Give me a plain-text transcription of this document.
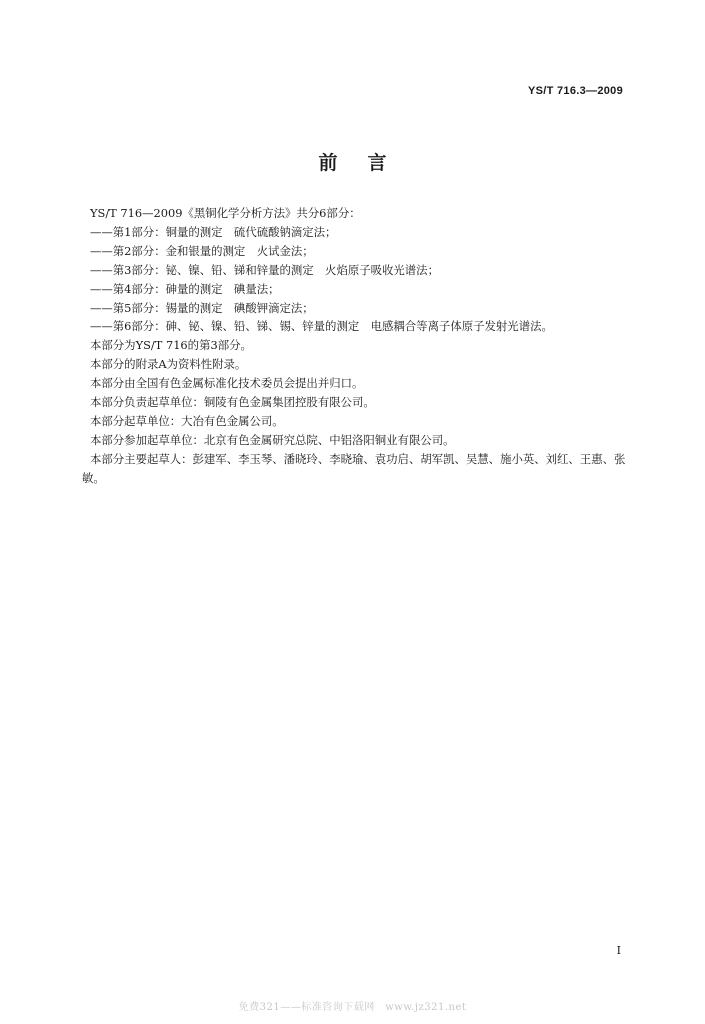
YS/T 716.3—2009
前言

YS/T 716—2009《黑铜化学分析方法》共分6部分：

——第1部分：铜量的测定　硫代硫酸钠滴定法；

——第2部分：金和银量的测定　火试金法；

——第3部分：铋、镍、铅、锑和锌量的测定　火焰原子吸收光谱法；

——第4部分：砷量的测定　碘量法；

——第5部分：锡量的测定　碘酸钾滴定法；

——第6部分：砷、铋、镍、铅、锑、锡、锌量的测定　电感耦合等离子体原子发射光谱法。

本部分为YS/T 716的第3部分。

本部分的附录A为资料性附录。

本部分由全国有色金属标准化技术委员会提出并归口。

本部分负责起草单位：铜陵有色金属集团控股有限公司。

本部分起草单位：大冶有色金属公司。

本部分参加起草单位：北京有色金属研究总院、中铝洛阳铜业有限公司。

本部分主要起草人：彭建军、李玉琴、潘晓玲、李晓瑜、袁功启、胡军凯、吴慧、施小英、刘红、王惠、张敏。

I
免费321——标准咨询下载网　www.jz321.net
